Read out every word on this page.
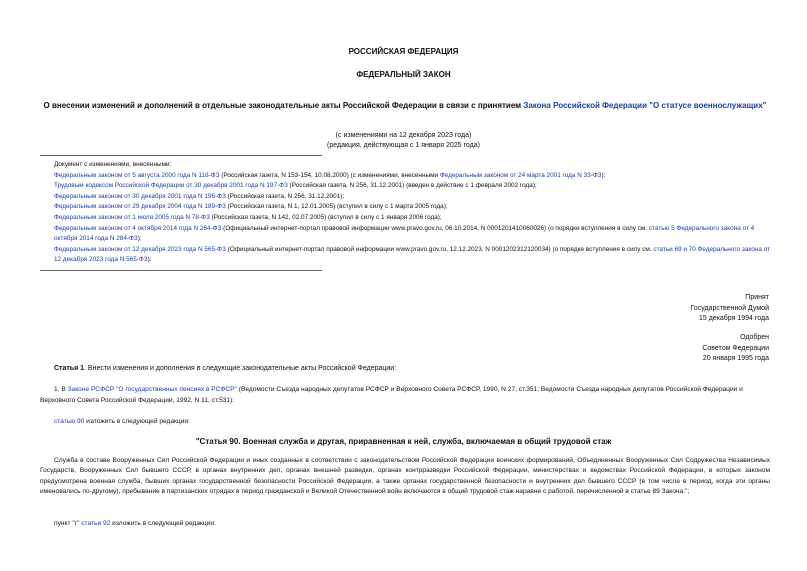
РОССИЙСКАЯ ФЕДЕРАЦИЯ
ФЕДЕРАЛЬНЫЙ ЗАКОН
О внесении изменений и дополнений в отдельные законодательные акты Российской Федерации в связи с принятием Закона Российской Федерации "О статусе военнослужащих"
(с изменениями на 12 декабря 2023 года)
(редакция, действующая с 1 января 2025 года)
Документ с изменениями, внесенными:
Федеральным законом от 5 августа 2000 года N 118-ФЗ (Российская газета, N 153-154, 10.08.2000) (с изменениями, внесенными Федеральным законом от 24 марта 2001 года N 33-ФЗ);
Трудовым кодексом Российской Федерации от 30 декабря 2001 года N 197-ФЗ (Российская газета, N 256, 31.12.2001) (введен в действие с 1 февраля 2002 года);
Федеральным законом от 30 декабря 2001 года N 196-ФЗ (Российская газета, N 256, 31.12.2001);
Федеральным законом от 29 декабря 2004 года N 189-ФЗ (Российская газета, N 1, 12.01.2005) (вступил в силу с 1 марта 2005 года);
Федеральным законом от 1 июля 2005 года N 78-ФЗ (Российская газета, N 142, 02.07.2005) (вступил в силу с 1 января 2006 года);
Федеральным законом от 4 октября 2014 года N 284-ФЗ (Официальный интернет-портал правовой информации www.pravo.gov.ru, 06.10.2014, N 0001201410060026) (о порядке вступления в силу см. статью 5 Федерального закона от 4 октября 2014 года N 284-ФЗ);
Федеральным законом от 12 декабря 2023 года N 565-ФЗ (Официальный интернет-портал правовой информации www.pravo.gov.ru, 12.12.2023, N 0001202312120034) (о порядке вступления в силу см. статьи 69 и 70 Федерального закона от 12 декабря 2023 года N 565-ФЗ).
Принят
Государственной Думой
15 декабря 1994 года
Одобрен
Советом Федерации
20 января 1995 года
Статья 1. Внести изменения и дополнения в следующие законодательные акты Российской Федерации:
1. В Законе РСФСР "О государственных пенсиях в РСФСР" (Ведомости Съезда народных депутатов РСФСР и Верховного Совета РСФСР, 1990, N 27, ст.351; Ведомости Съезда народных депутатов Российской Федерации и Верховного Совета Российской Федерации, 1992, N 11, ст.531):
статью 90 изложить в следующей редакции:
"Статья 90. Военная служба и другая, приравненная к ней, служба, включаемая в общий трудовой стаж
Служба в составе Вооруженных Сил Российской Федерации и иных созданных в соответствии с законодательством Российской Федерации воинских формирований, Объединенных Вооруженных Сил Содружества Независимых Государств, Вооруженных Сил бывшего СССР, в органах внутренних дел, органах внешней разведки, органах контрразведки Российской Федерации, министерствах и ведомствах Российской Федерации, в которых законом предусмотрена военная служба, бывших органах государственной безопасности Российской Федерации, а также органах государственной безопасности и внутренних дел бывшего СССР (в том числе в период, когда эти органы именовались по-другому), пребывание в партизанских отрядах в период гражданской и Великой Отечественной войн включаются в общий трудовой стаж наравне с работой, перечисленной в статье 89 Закона.";
пункт "г" статьи 92 изложить в следующей редакции:
